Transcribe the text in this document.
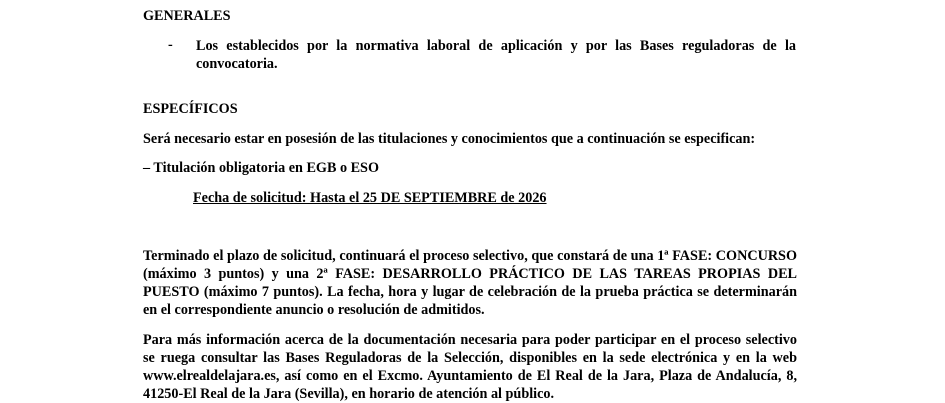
GENERALES
- Los establecidos por la normativa laboral de aplicación y por las Bases reguladoras de la
convocatoria.
ESPECÍFICOS
Será necesario estar en posesión de las titulaciones y conocimientos que a continuación se especifican:
– Titulación obligatoria en EGB o ESO
Fecha de solicitud: Hasta el 25 DE SEPTIEMBRE de 2026
Terminado el plazo de solicitud, continuará el proceso selectivo, que constará de una 1ª FASE: CONCURSO
(máximo 3 puntos) y una 2ª FASE: DESARROLLO PRÁCTICO DE LAS TAREAS PROPIAS DEL
PUESTO (máximo 7 puntos). La fecha, hora y lugar de celebración de la prueba práctica se determinarán
en el correspondiente anuncio o resolución de admitidos.
Para más información acerca de la documentación necesaria para poder participar en el proceso selectivo
se ruega consultar las Bases Reguladoras de la Selección, disponibles en la sede electrónica y en la web
www.elrealdelajara.es, así como en el Excmo. Ayuntamiento de El Real de la Jara, Plaza de Andalucía, 8,
41250-El Real de la Jara (Sevilla), en horario de atención al público.
